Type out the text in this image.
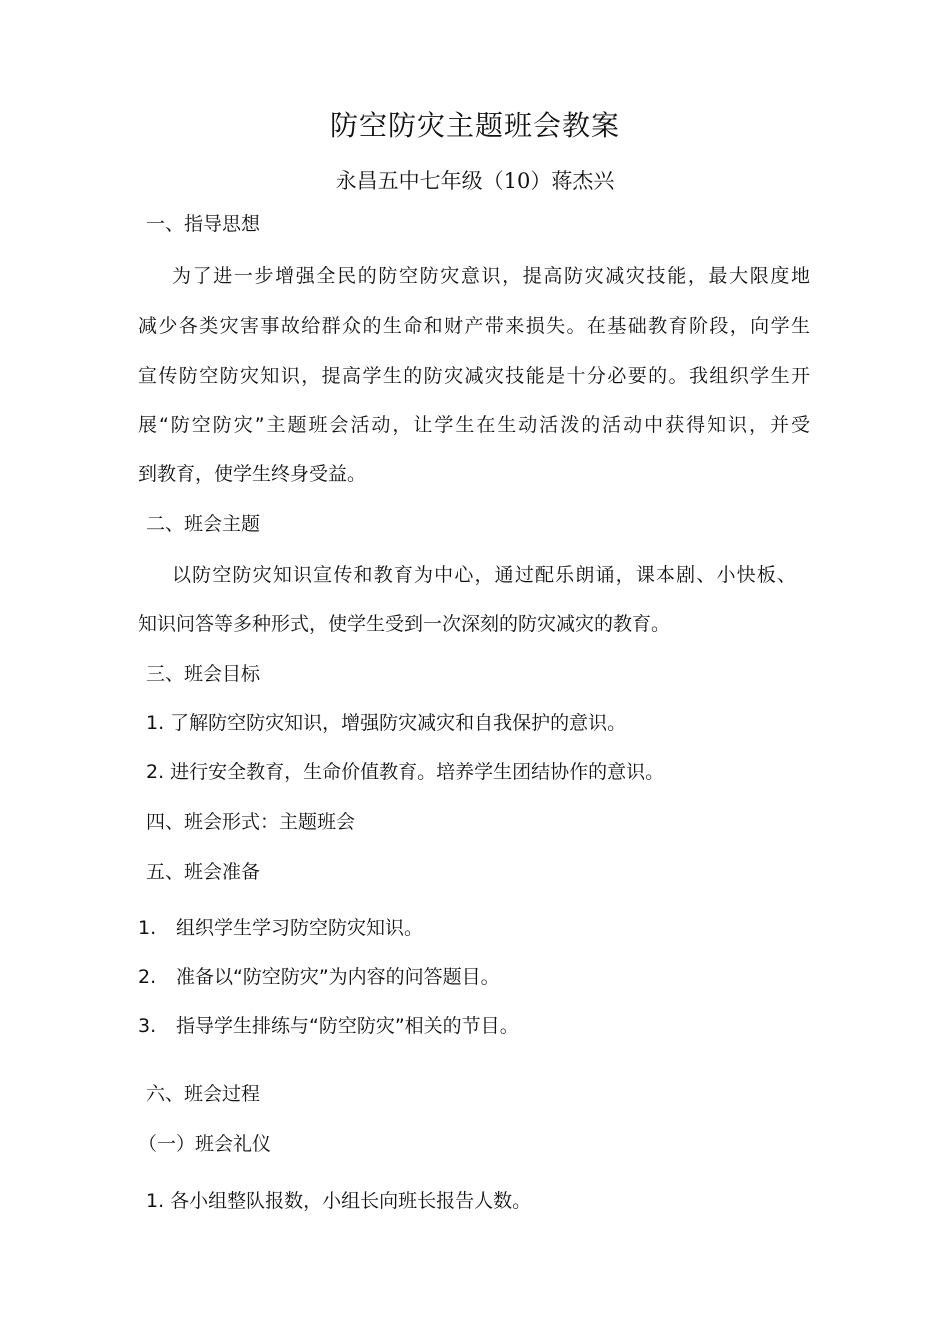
防空防灾主题班会教案
永昌五中七年级（10）蒋杰兴
一、指导思想
为了进一步增强全民的防空防灾意识，提高防灾减灾技能，最大限度地
减少各类灾害事故给群众的生命和财产带来损失。在基础教育阶段，向学生
宣传防空防灾知识，提高学生的防灾减灾技能是十分必要的。我组织学生开
展“防空防灾”主题班会活动，让学生在生动活泼的活动中获得知识，并受
到教育，使学生终身受益。
二、班会主题
以防空防灾知识宣传和教育为中心，通过配乐朗诵，课本剧、小快板、
知识问答等多种形式，使学生受到一次深刻的防灾减灾的教育。
三、班会目标
1. 了解防空防灾知识，增强防灾减灾和自我保护的意识。
2. 进行安全教育，生命价值教育。培养学生团结协作的意识。
四、班会形式：主题班会
五、班会准备
1. 组织学生学习防空防灾知识。
2. 准备以“防空防灾”为内容的问答题目。
3. 指导学生排练与“防空防灾”相关的节目。
六、班会过程
（一）班会礼仪
1. 各小组整队报数，小组长向班长报告人数。
